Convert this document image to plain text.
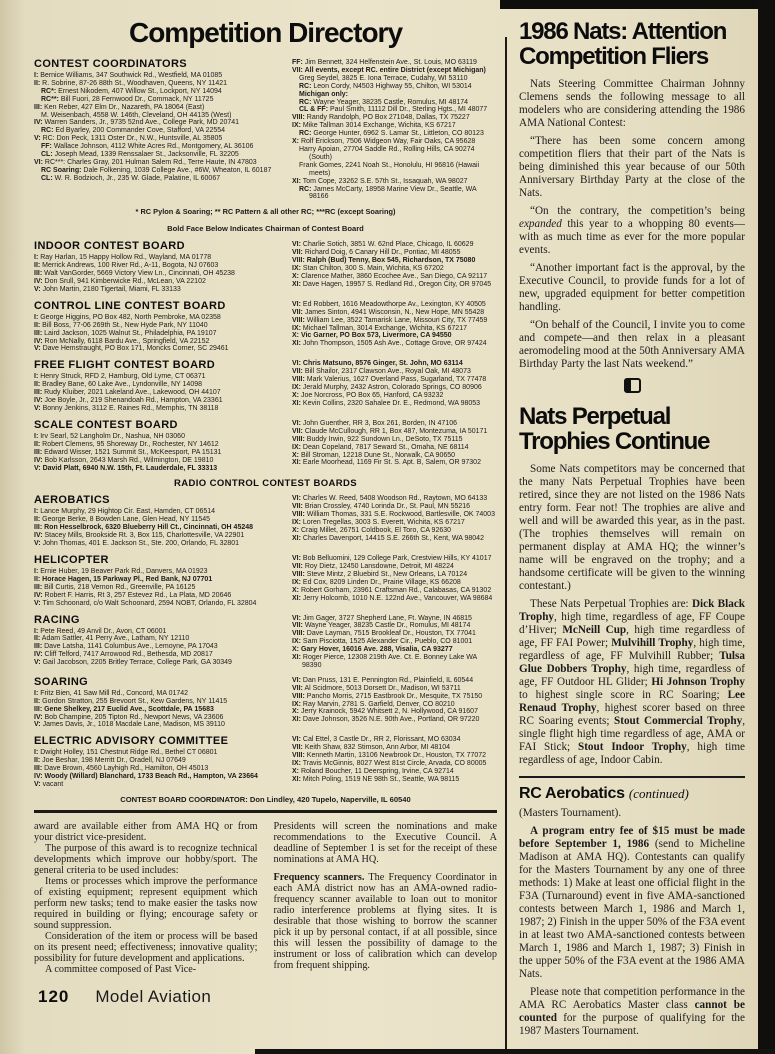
Competition Directory
CONTEST COORDINATORS
I: Bernice Williams, 347 Southwick Rd., Westfield, MA 01085
II: R. Sobrine, 87-26 88th St., Woodhaven, Queens, NY 11421
RC*: Ernest Nikodem, 407 Willow St., Lockport, NY 14094
RC**: Bill Fuori, 28 Fernwood Dr., Commack, NY 11725
III: Ken Reber, 427 Elm Dr., Nazareth, PA 18064 (East)
M. Weisenbach, 4558 W. 146th, Cleveland, OH 44135 (West)
IV: Warren Sanders, Jr., 9735 52nd Ave., College Park, MD 20741
RC: Ed Byarley, 200 Commander Cove, Stafford, VA 22554
V: RC: Don Peck, 1311 Oster Dr., N.W., Huntsville, AL 35805
FF: Wallace Johnson, 4112 White Acres Rd., Montgomery, AL 36106
CL: Joseph Mead, 1339 Renssalaer St., Jacksonville, FL 32205
VI: RC***: Charles Gray, 201 Hulman Salem Rd., Terre Haute, IN 47803
RC Soaring: Dale Folkening, 1039 College Ave., #6W, Wheaton, IL 60187
CL: W. R. Bodzioch, Jr., 235 W. Glade, Palatine, IL 60067
FF: Jim Bennett, 324 Helfenstein Ave., St. Louis, MO 63119
VII: All events, except RC. entire District (except Michigan)
Greg Seydel, 3825 E. Iona Terrace, Cudahy, WI 53110
RC: Leon Cordy, N4503 Highway 55, Chilton, WI 53014
Michigan only:
RC: Wayne Yeager, 38235 Castle, Romulus, MI 48174
CL & FF: Paul Smith, 11112 Dill Dr., Sterling Hgts., MI 48077
VIII: Randy Randolph, PO Box 271048, Dallas, TX 75227
IX: Mike Tallman 3014 Exchange, Wichita, KS 67217
RC: George Hunter, 6962 S. Lamar St., Littleton, CO 80123
X: Rolf Erickson, 7506 Widgeon Way, Fair Oaks, CA 95628
Harry Apoian, 27704 Saddle Rd., Rolling Hills, CA 90274 (South)
Frank Gomes, 2241 Noah St., Honolulu, HI 96816 (Hawaii meets)
XI: Tom Cope, 23262 S.E. 57th St., Issaquah, WA 98027
RC: James McCarty, 18958 Marine View Dr., Seattle, WA 98166
* RC Pylon & Soaring; ** RC Pattern & all other RC; ***RC (except Soaring)
Bold Face Below Indicates Chairman of Contest Board
INDOOR CONTEST BOARD
I: Ray Harlan, 15 Happy Hollow Rd., Wayland, MA 01778
II: Merrick Andrews, 100 River Rd., A-11, Bogota, NJ 07603
III: Walt VanGorder, 5669 Victory View Ln., Cincinnati, OH 45238
IV: Don Srull, 941 Kimberwicke Rd., McLean, VA 22102
V: John Martin, 2180 Tigertail, Miami, FL 33133
VI: Charlie Sotich, 3851 W. 62nd Place, Chicago, IL 60629
VII: Richard Doig, 6 Canary Hill Dr., Pontiac, MI 48055
VIII: Ralph (Bud) Tenny, Box 545, Richardson, TX 75080
IX: Stan Chilton, 300 S. Main, Wichita, KS 67202
X: Clarence Mather, 3860 Ecochee Ave., San Diego, CA 92117
XI: Dave Hagen, 19957 S. Redland Rd., Oregon City, OR 97045
CONTROL LINE CONTEST BOARD
I: George Higgins, PO Box 482, North Pembroke, MA 02358
II: Bill Boss, 77-06 269th St., New Hyde Park, NY 11040
III: Laird Jackson, 1025 Walnut St., Philadelphia, PA 19107
IV: Ron McNally, 6118 Bardu Ave., Springfield, VA 22152
V: Dave Hemstraught, PO Box 171, Moncks Corner, SC 29461
VI: Ed Robbert, 1616 Meadowthorpe Av., Lexington, KY 40505
VII: James Sinton, 4941 Wisconsin, N., New Hope, MN 55428
VIII: William Lee, 3522 Tamarisk Lane, Missouri City, TX 77459
IX: Michael Tallman, 3014 Exchange, Wichita, KS 67217
X: Vic Garner, PO Box 573, Livermore, CA 94550
XI: John Thompson, 1505 Ash Ave., Cottage Grove, OR 97424
FREE FLIGHT CONTEST BOARD
I: Henry Struck, RFD 2, Hamburg, Old Lyme, CT 06371
II: Bradley Bane, 60 Lake Ave., Lyndonville, NY 14098
III: Rudy Kluiber, 2021 Lakeland Ave., Lakewood, OH 44107
IV: Joe Boyle, Jr., 219 Shenandoah Rd., Hampton, VA 23361
V: Bonny Jenkins, 3112 E. Raines Rd., Memphis, TN 38118
VI: Chris Matsuno, 8576 Ginger, St. John, MO 63114
VII: Bill Shailor, 2317 Clawson Ave., Royal Oak, MI 48073
VIII: Mark Valerius, 1627 Overland Pass, Sugarland, TX 77478
IX: Jerald Murphy, 2432 Astron, Colorado Springs, CO 80906
X: Joe Norcross, PO Box 65, Hanford, CA 93232
XI: Kevin Collins, 2320 Sahalee Dr. E., Redmond, WA 98053
SCALE CONTEST BOARD
I: Irv Searl, 52 Langholm Dr., Nashua, NH 03060
II: Robert Clemens, 95 Shoreway Dr., Rochester, NY 14612
III: Edward Wisser, 1521 Summit St., McKeesport, PA 15131
IV: Bob Karlsson, 2643 Marsh Rd., Wilmington, DE 19810
V: David Platt, 6940 N.W. 15th, Ft. Lauderdale, FL 33313
VI: John Guenther, RR 3, Box 261, Borden, IN 47106
VII: Claude McCullough, RR 1, Box 487, Montezuma, IA 50171
VIII: Buddy Irwin, 922 Sundown Ln., DeSoto, TX 75115
IX: Dean Copeland, 7817 Seward St., Omaha, NE 68114
X: Bill Stroman, 12218 Dune St., Norwalk, CA 90650
XI: Earle Moorhead, 1169 Fir St. S. Apt. B, Salem, OR 97302
RADIO CONTROL CONTEST BOARDS
AEROBATICS
I: Lance Murphy, 29 Hightop Cir. East, Hamden, CT 06514
II: George Berke, 8 Bowden Lane, Glen Head, NY 11545
III: Ron Hesselbrock, 6320 Blueberry Hill Ct., Cincinnati, OH 45248
IV: Stacey Mills, Brookside Rt. 3, Box 115, Charlottesville, VA 22901
V: John Thomas, 401 E. Jackson St., Ste. 200, Orlando, FL 32801
VI: Charles W. Reed, 5408 Woodson Rd., Raytown, MO 64133
VII: Brian Crossley, 4740 Lorinda Dr., St. Paul, MN 55216
VIII: William Thomas, 331 S.E. Rockwood, Bartlesville, OK 74003
IX: Loren Tregellas, 3003 S. Everett, Wichita, KS 67217
X: Craig Millet, 26751 Coldbook, El Toro, CA 92630
XI: Charles Davenport, 14415 S.E. 266th St., Kent, WA 98042
HELICOPTER
I: Ernie Huber, 19 Beaver Park Rd., Danvers, MA 01923
II: Horace Hagen, 15 Parkway Pl., Red Bank, NJ 07701
III: Bill Curtis, 218 Vernon Rd., Greenville, PA 16125
IV: Robert F. Harris, Rt 3, 257 Estevez Rd., La Plata, MD 20646
V: Tim Schoonard, c/o Walt Schoonard, 2594 NOBT, Orlando, FL 32804
VI: Bob Belluomini, 129 College Park, Crestview Hills, KY 41017
VII: Roy Dietz, 12450 Lansdowne, Detroit, MI 48224
VIII: Steve Mintz, 2 Bluebird St., New Orleans, LA 70124
IX: Ed Cox, 8209 Linden Dr., Prairie Village, KS 66208
X: Robert Gorham, 23961 Craftsman Rd., Calabasas, CA 91302
XI: Jerry Holcomb, 1010 N.E. 122nd Ave., Vancouver, WA 98684
RACING
I: Pete Reed, 49 Anvil Dr., Avon, CT 06001
II: Adam Sattler, 41 Perry Ave., Latham, NY 12110
III: Dave Latsha, 1141 Columbus Ave., Lemoyne, PA 17043
IV: Cliff Telford, 7417 Arrowood Rd., Bethesda, MD 20817
V: Gail Jacobson, 2205 Britley Terrace, College Park, GA 30349
VI: Jim Gager, 3727 Shepherd Lane, Ft. Wayne, IN 46815
VII: Wayne Yeager, 38235 Castle Dr., Romulus, MI 48174
VIII: Dave Layman, 7515 Brookleaf Dr., Houston, TX 77041
IX: Sam Pisciotta, 1525 Alexander Cir., Pueblo, CO 81001
X: Gary Hover, 16016 Ave. 288, Visalia, CA 93277
XI: Roger Pierce, 12308 219th Ave. Ct. E. Bonney Lake WA 98390
SOARING
I: Fritz Bien, 41 Saw Mill Rd., Concord, MA 01742
II: Gordon Stratton, 255 Brevoort St., Kew Gardens, NY 11415
III: Gene Shelkey, 217 Euclid Ave., Scottdale, PA 15683
IV: Bob Champine, 205 Tipton Rd., Newport News, VA 23606
V: James Davis, Jr., 1018 Macdale Lane, Madison, MS 39110
VI: Dan Pruss, 131 E. Pennington Rd., Plainfield, IL 60544
VII: Al Scidmore, 5013 Dorsett Dr., Madison, WI 53711
VIII: Pancho Morris, 2715 Eastbrook Dr., Mesquite, TX 75150
IX: Ray Marvin, 2781 S. Garfield, Denver, CO 80210
X: Jerry Krainock, 5942 Whitsett 2, N. Hollywood, CA 91607
XI: Dave Johnson, 3526 N.E. 90th Ave., Portland, OR 97220
ELECTRIC ADVISORY COMMITTEE
I: Dwight Holley, 151 Chestnut Ridge Rd., Bethel CT 06801
II: Joe Beshar, 198 Merritt Dr., Oradell, NJ 07649
III: Dave Brown, 4560 Layhigh Rd., Hamilton, OH 45013
IV: Woody (Willard) Blanchard, 1733 Beach Rd., Hampton, VA 23664
V: vacant
VI: Cal Ettel, 3 Castle Dr., RR 2, Florissant, MO 63034
VII: Keith Shaw, 832 Stimson, Ann Arbor, MI 48104
VIII: Kenneth Martin, 13106 Newbrook Dr., Houston, TX 77072
IX: Travis McGinnis, 8027 West 81st Circle, Arvada, CO 80005
X: Roland Boucher, 11 Deerspring, Irvine, CA 92714
XI: Mitch Poling, 1519 NE 98th St., Seattle, WA 98115
CONTEST BOARD COORDINATOR: Don Lindley, 420 Tupelo, Naperville, IL 60540

award are available either from AMA HQ or from your district vice-president.

The purpose of this award is to recognize technical developments which improve our hobby/sport. The general criteria to be used includes:

Items or processes which improve the performance of existing equipment; represent equipment which perform new tasks; tend to make easier the tasks now required in building or flying; encourage safety or sound suppression.

Consideration of the item or process will be based on its present need; effectiveness; innovative quality; possibility for future development and applications.

A committee composed of Past Vice-

Presidents will screen the nominations and make recommendations to the Executive Council. A deadline of September 1 is set for the receipt of these nominations at AMA HQ.

Frequency scanners. The Frequency Coordinator in each AMA district now has an AMA-owned radio-frequency scanner available to loan out to monitor radio interference problems at flying sites. It is desirable that those wishing to borrow the scanner pick it up by personal contact, if at all possible, since this will lessen the possibility of damage to the instrument or loss of calibration which can develop from frequent shipping.

120 Model Aviation
1986 Nats: Attention Competition Fliers

Nats Steering Committee Chairman Johnny Clemens sends the following message to all modelers who are considering attending the 1986 AMA National Contest:

“There has been some concern among competition fliers that their part of the Nats is being diminished this year because of our 50th Anniversary Birthday Party at the close of the Nats.

“On the contrary, the competition’s being expanded this year to a whopping 80 events—with as much time as ever for the more popular events.

“Another important fact is the approval, by the Executive Council, to provide funds for a lot of new, upgraded equipment for better competition handling.

“On behalf of the Council, I invite you to come and compete—and then relax in a pleasant aeromodeling mood at the 50th Anniversary AMA Birthday Party the last Nats weekend.”

Nats Perpetual Trophies Continue

Some Nats competitors may be concerned that the many Nats Perpetual Trophies have been retired, since they are not listed on the 1986 Nats entry form. Fear not! The trophies are alive and well and will be awarded this year, as in the past. (The trophies themselves will remain on permanent display at AMA HQ; the winner’s name will be engraved on the trophy; and a handsome certificate will be given to the winning contestant.)

These Nats Perpetual Trophies are: Dick Black Trophy, high time, regardless of age, FF Coupe d’Hiver; McNeill Cup, high time regardless of age, FF FAI Power; Mulvihill Trophy, high time, regardless of age, FF Mulvihill Rubber; Tulsa Glue Dobbers Trophy, high time, regardless of age, FF Outdoor HL Glider; Hi Johnson Trophy to highest single score in RC Soaring; Lee Renaud Trophy, highest scorer based on three RC Soaring events; Stout Commercial Trophy, single flight high time regardless of age, AMA or FAI Stick; Stout Indoor Trophy, high time regardless of age, Indoor Cabin.

RC Aerobatics (continued)

(Masters Tournament).

A program entry fee of $15 must be made before September 1, 1986 (send to Micheline Madison at AMA HQ). Contestants can qualify for the Masters Tournament by any one of three methods: 1) Make at least one official flight in the F3A (Turnaround) event in five AMA-sanctioned contests between March 1, 1986 and March 1, 1987; 2) Finish in the upper 50% of the F3A event in at least two AMA-sanctioned contests between March 1, 1986 and March 1, 1987; 3) Finish in the upper 50% of the F3A event at the 1986 AMA Nats.

Please note that competition performance in the AMA RC Aerobatics Master class cannot be counted for the purpose of qualifying for the 1987 Masters Tournament.
